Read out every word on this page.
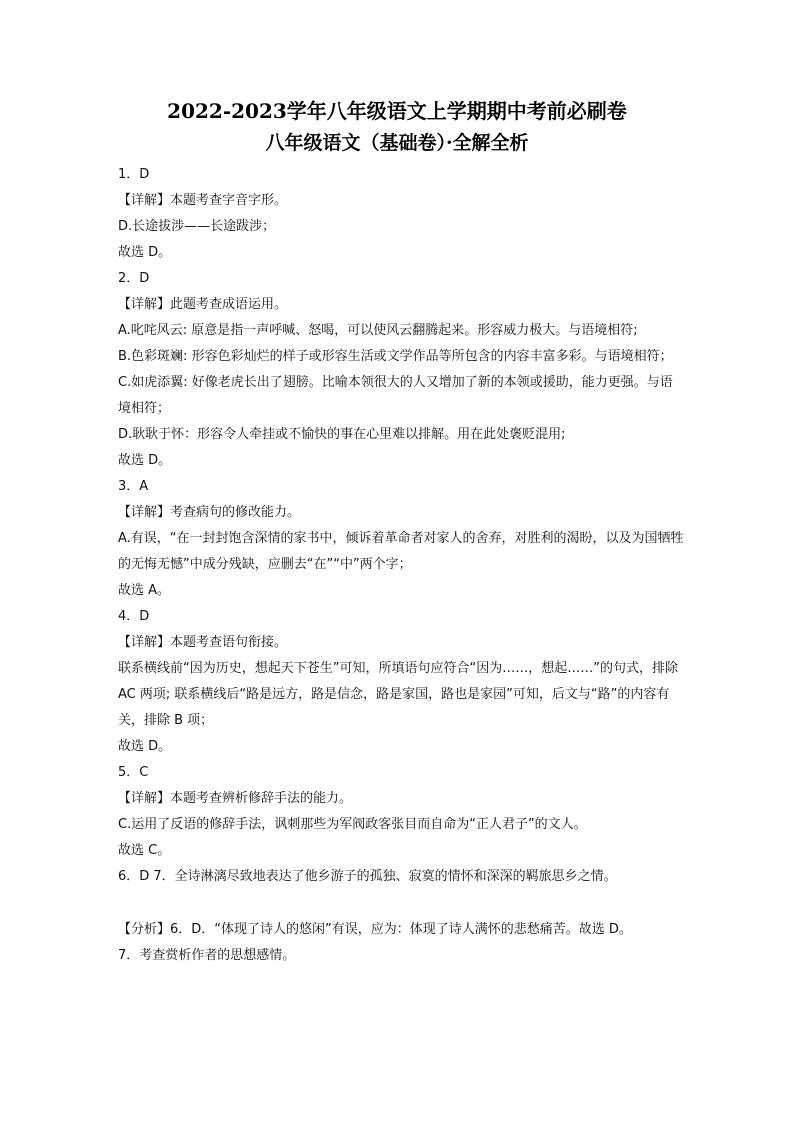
2022-2023学年八年级语文上学期期中考前必刷卷
八年级语文（基础卷）·全解全析
1．D
【详解】本题考查字音字形。
D.长途拔涉——长途跋涉；
故选 D。
2．D
【详解】此题考查成语运用。
A.叱咤风云: 原意是指一声呼喊、怒喝，可以使风云翻腾起来。形容威力极大。与语境相符;
B.色彩斑斓: 形容色彩灿烂的样子或形容生活或文学作品等所包含的内容丰富多彩。与语境相符；
C.如虎添翼: 好像老虎长出了翅膀。比喻本领很大的人又增加了新的本领或援助，能力更强。与语境相符；
D.耿耿于怀：形容令人牵挂或不愉快的事在心里难以排解。用在此处褒贬混用;
故选 D。
3．A
【详解】考查病句的修改能力。
A.有误，“在一封封饱含深情的家书中，倾诉着革命者对家人的舍弃，对胜利的渴盼，以及为国牺牲的无悔无憾”中成分残缺，应删去“在”“中”两个字；
故选 A。
4．D
【详解】本题考查语句衔接。
联系横线前“因为历史，想起天下苍生”可知，所填语句应符合“因为……，想起……”的句式，排除 AC 两项; 联系横线后“路是远方，路是信念，路是家国，路也是家园”可知，后文与“路”的内容有关，排除 B 项；
故选 D。
5．C
【详解】本题考查辨析修辞手法的能力。
C.运用了反语的修辞手法，讽刺那些为军阀政客张目而自命为“正人君子”的文人。
故选 C。
6．D 7．全诗淋漓尽致地表达了他乡游子的孤独、寂寞的情怀和深深的羁旅思乡之情。
【分析】6．D．“体现了诗人的悠闲”有误，应为：体现了诗人满怀的悲愁痛苦。故选 D。
7．考查赏析作者的思想感情。
